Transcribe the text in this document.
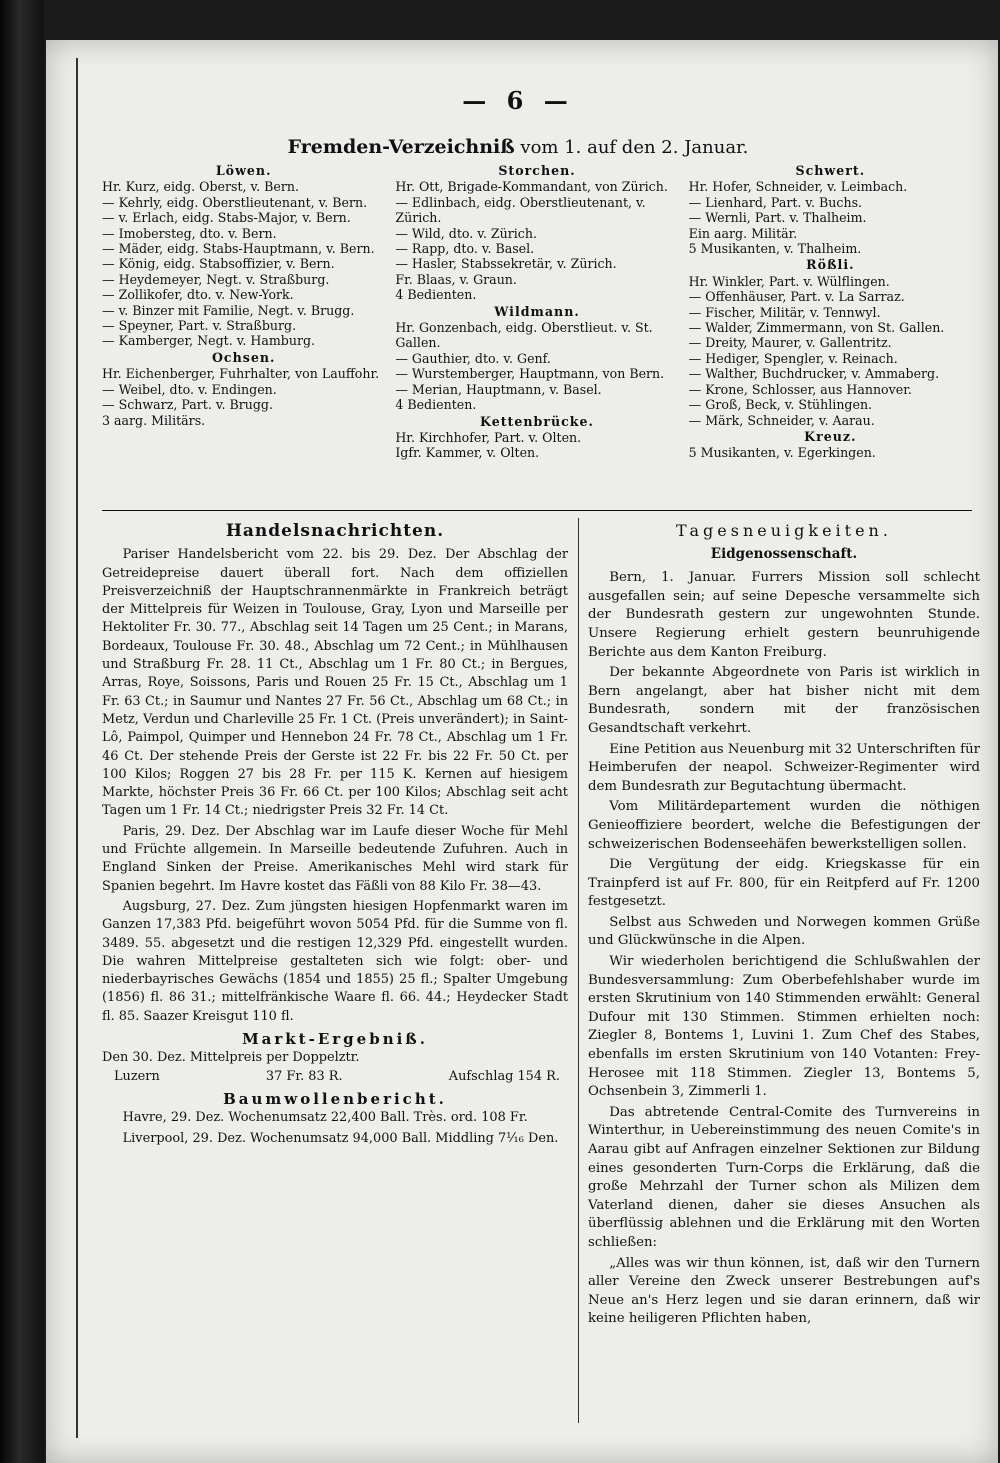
— 6 —
Fremden-Verzeichniß vom 1. auf den 2. Januar.
Löwen.

Hr. Kurz, eidg. Oberst, v. Bern.

— Kehrly, eidg. Oberstlieutenant, v. Bern.

— v. Erlach, eidg. Stabs-Major, v. Bern.

— Imobersteg, dto. v. Bern.

— Mäder, eidg. Stabs-Hauptmann, v. Bern.

— König, eidg. Stabsoffizier, v. Bern.

— Heydemeyer, Negt. v. Straßburg.

— Zollikofer, dto. v. New-York.

— v. Binzer mit Familie, Negt. v. Brugg.

— Speyner, Part. v. Straßburg.

— Kamberger, Negt. v. Hamburg.

Ochsen.

Hr. Eichenberger, Fuhrhalter, von Lauffohr.

— Weibel, dto. v. Endingen.

— Schwarz, Part. v. Brugg.

3 aarg. Militärs.

Storchen.

Hr. Ott, Brigade-Kommandant, von Zürich.

— Edlinbach, eidg. Oberstlieutenant, v. Zürich.

— Wild, dto. v. Zürich.

— Rapp, dto. v. Basel.

— Hasler, Stabssekretär, v. Zürich.

Fr. Blaas, v. Graun.

4 Bedienten.

Wildmann.

Hr. Gonzenbach, eidg. Oberstlieut. v. St. Gallen.

— Gauthier, dto. v. Genf.

— Wurstemberger, Hauptmann, von Bern.

— Merian, Hauptmann, v. Basel.

4 Bedienten.

Kettenbrücke.

Hr. Kirchhofer, Part. v. Olten.

Igfr. Kammer, v. Olten.

Schwert.

Hr. Hofer, Schneider, v. Leimbach.

— Lienhard, Part. v. Buchs.

— Wernli, Part. v. Thalheim.

Ein aarg. Militär.

5 Musikanten, v. Thalheim.

Rößli.

Hr. Winkler, Part. v. Wülflingen.

— Offenhäuser, Part. v. La Sarraz.

— Fischer, Militär, v. Tennwyl.

— Walder, Zimmermann, von St. Gallen.

— Dreity, Maurer, v. Gallentritz.

— Hediger, Spengler, v. Reinach.

— Walther, Buchdrucker, v. Ammaberg.

— Krone, Schlosser, aus Hannover.

— Groß, Beck, v. Stühlingen.

— Märk, Schneider, v. Aarau.

Kreuz.

5 Musikanten, v. Egerkingen.

Handelsnachrichten.

Pariser Handelsbericht vom 22. bis 29. Dez. Der Abschlag der Getreidepreise dauert überall fort. Nach dem offiziellen Preisverzeichniß der Hauptschrannenmärkte in Frankreich beträgt der Mittelpreis für Weizen in Toulouse, Gray, Lyon und Marseille per Hektoliter Fr. 30. 77., Abschlag seit 14 Tagen um 25 Cent.; in Marans, Bordeaux, Toulouse Fr. 30. 48., Abschlag um 72 Cent.; in Mühlhausen und Straßburg Fr. 28. 11 Ct., Abschlag um 1 Fr. 80 Ct.; in Bergues, Arras, Roye, Soissons, Paris und Rouen 25 Fr. 15 Ct., Abschlag um 1 Fr. 63 Ct.; in Saumur und Nantes 27 Fr. 56 Ct., Abschlag um 68 Ct.; in Metz, Verdun und Charleville 25 Fr. 1 Ct. (Preis unverändert); in Saint-Lô, Paimpol, Quimper und Hennebon 24 Fr. 78 Ct., Abschlag um 1 Fr. 46 Ct. Der stehende Preis der Gerste ist 22 Fr. bis 22 Fr. 50 Ct. per 100 Kilos; Roggen 27 bis 28 Fr. per 115 K. Kernen auf hiesigem Markte, höchster Preis 36 Fr. 66 Ct. per 100 Kilos; Abschlag seit acht Tagen um 1 Fr. 14 Ct.; niedrigster Preis 32 Fr. 14 Ct.

Paris, 29. Dez. Der Abschlag war im Laufe dieser Woche für Mehl und Früchte allgemein. In Marseille bedeutende Zufuhren. Auch in England Sinken der Preise. Amerikanisches Mehl wird stark für Spanien begehrt. Im Havre kostet das Fäßli von 88 Kilo Fr. 38—43.

Augsburg, 27. Dez. Zum jüngsten hiesigen Hopfenmarkt waren im Ganzen 17,383 Pfd. beigeführt wovon 5054 Pfd. für die Summe von fl. 3489. 55. abgesetzt und die restigen 12,329 Pfd. eingestellt wurden. Die wahren Mittelpreise gestalteten sich wie folgt: ober- und niederbayrisches Gewächs (1854 und 1855) 25 fl.; Spalter Umgebung (1856) fl. 86 31.; mittelfränkische Waare fl. 66. 44.; Heydecker Stadt fl. 85. Saazer Kreisgut 110 fl.

Markt-Ergebniß.

Den 30. Dez. Mittelpreis per Doppelztr.

Luzern	37 Fr. 83 R.	Aufschlag 154 R.
Baumwollenbericht.

Havre, 29. Dez. Wochenumsatz 22,400 Ball. Très. ord. 108 Fr.

Liverpool, 29. Dez. Wochenumsatz 94,000 Ball. Middling 7⅟₁₆ Den.

Tagesneuigkeiten.
Eidgenossenschaft.

Bern, 1. Januar. Furrers Mission soll schlecht ausgefallen sein; auf seine Depesche versammelte sich der Bundesrath gestern zur ungewohnten Stunde. Unsere Regierung erhielt gestern beunruhigende Berichte aus dem Kanton Freiburg.

Der bekannte Abgeordnete von Paris ist wirklich in Bern angelangt, aber hat bisher nicht mit dem Bundesrath, sondern mit der französischen Gesandtschaft verkehrt.

Eine Petition aus Neuenburg mit 32 Unterschriften für Heimberufen der neapol. Schweizer-Regimenter wird dem Bundesrath zur Begutachtung übermacht.

Vom Militärdepartement wurden die nöthigen Genieoffiziere beordert, welche die Befestigungen der schweizerischen Bodenseehäfen bewerkstelligen sollen.

Die Vergütung der eidg. Kriegskasse für ein Trainpferd ist auf Fr. 800, für ein Reitpferd auf Fr. 1200 festgesetzt.

Selbst aus Schweden und Norwegen kommen Grüße und Glückwünsche in die Alpen.

Wir wiederholen berichtigend die Schlußwahlen der Bundesversammlung: Zum Oberbefehlshaber wurde im ersten Skrutinium von 140 Stimmenden erwählt: General Dufour mit 130 Stimmen. Stimmen erhielten noch: Ziegler 8, Bontems 1, Luvini 1. Zum Chef des Stabes, ebenfalls im ersten Skrutinium von 140 Votanten: Frey-Herosee mit 118 Stimmen. Ziegler 13, Bontems 5, Ochsenbein 3, Zimmerli 1.

Das abtretende Central-Comite des Turnvereins in Winterthur, in Uebereinstimmung des neuen Comite's in Aarau gibt auf Anfragen einzelner Sektionen zur Bildung eines gesonderten Turn-Corps die Erklärung, daß die große Mehrzahl der Turner schon als Milizen dem Vaterland dienen, daher sie dieses Ansuchen als überflüssig ablehnen und die Erklärung mit den Worten schließen:

„Alles was wir thun können, ist, daß wir den Turnern aller Vereine den Zweck unserer Bestrebungen auf's Neue an's Herz legen und sie daran erinnern, daß wir keine heiligeren Pflichten haben,
